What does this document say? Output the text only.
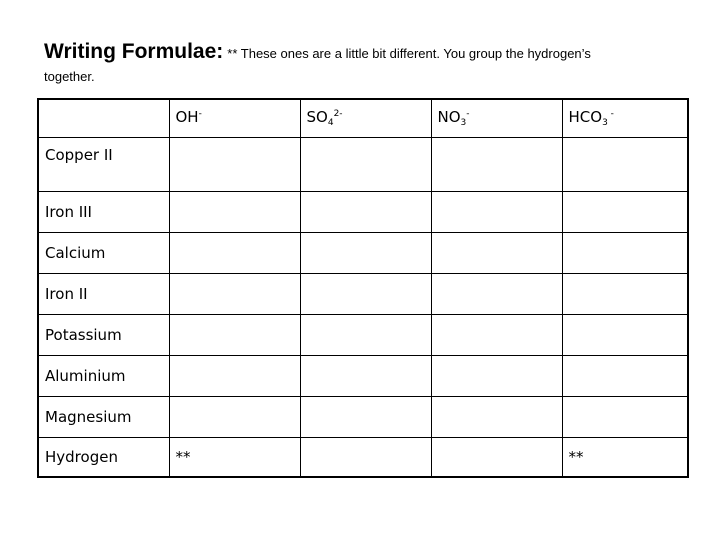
Writing Formulae: ** These ones are a little bit different. You group the hydrogen’s
together.
	OH-	$SO_4^{2-}$	$NO_3^-$	$HCO_3$ -
Copper II				
Iron III				
Calcium				
Iron II				
Potassium				
Aluminium				
Magnesium				
Hydrogen	**			**
